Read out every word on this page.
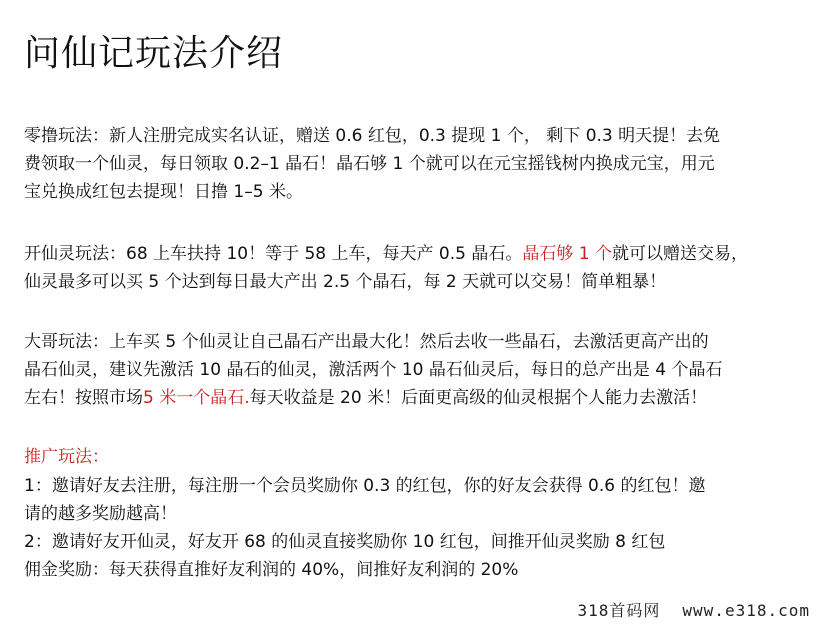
问仙记玩法介绍
零撸玩法：新人注册完成实名认证，赠送 0.6 红包，0.3 提现 1 个， 剩下 0.3 明天提！去免
费领取一个仙灵，每日领取 0.2–1 晶石！晶石够 1 个就可以在元宝摇钱树内换成元宝，用元
宝兑换成红包去提现！日撸 1–5 米。
开仙灵玩法：68 上车扶持 10！等于 58 上车，每天产 0.5 晶石。晶石够 1 个就可以赠送交易，
仙灵最多可以买 5 个达到每日最大产出 2.5 个晶石，每 2 天就可以交易！简单粗暴！
大哥玩法：上车买 5 个仙灵让自己晶石产出最大化！然后去收一些晶石，去激活更高产出的
晶石仙灵，建议先激活 10 晶石的仙灵，激活两个 10 晶石仙灵后，每日的总产出是 4 个晶石
左右！按照市场5 米一个晶石.每天收益是 20 米！后面更高级的仙灵根据个人能力去激活！
推广玩法：
1：邀请好友去注册，每注册一个会员奖励你 0.3 的红包，你的好友会获得 0.6 的红包！邀
请的越多奖励越高！
2：邀请好友开仙灵，好友开 68 的仙灵直接奖励你 10 红包，间推开仙灵奖励 8 红包
佣金奖励：每天获得直推好友利润的 40%，间推好友利润的 20%
318首码网 www.e318.com
